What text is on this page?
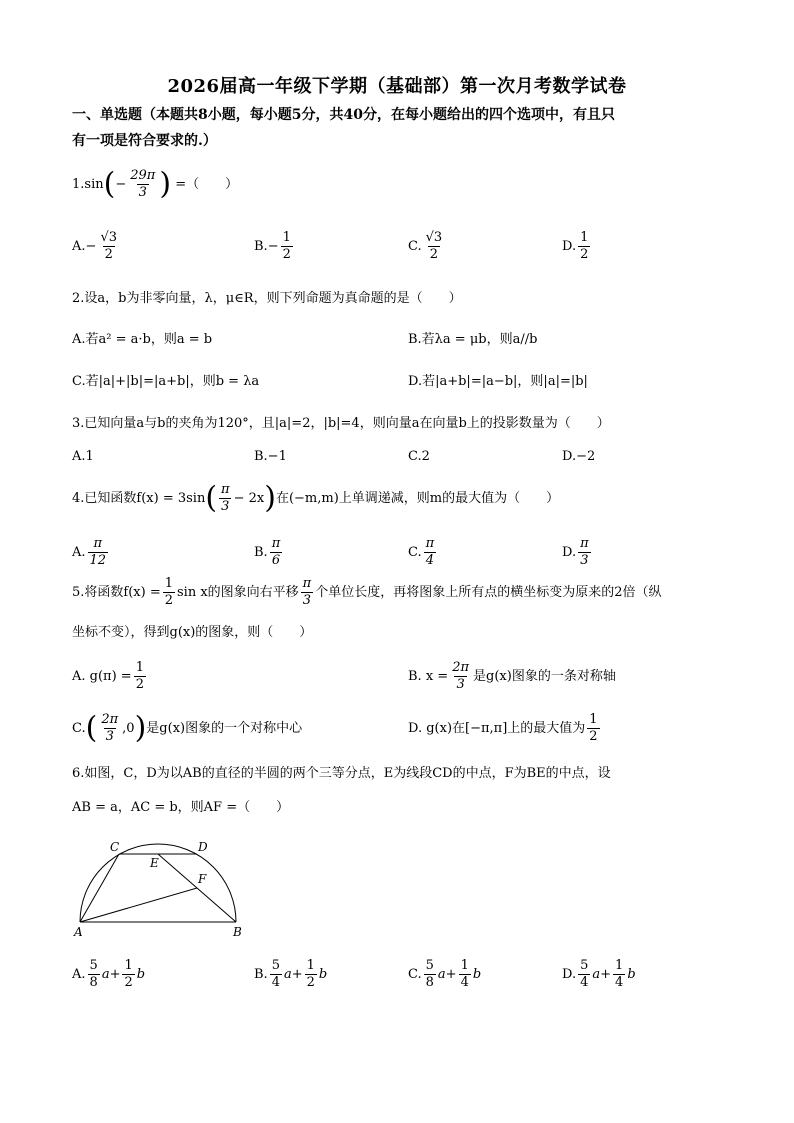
2026届高一年级下学期（基础部）第一次月考数学试卷
一、单选题（本题共8小题，每小题5分，共40分，在每小题给出的四个选项中，有且只
有一项是符合要求的.）
$1.\sin(- \frac{29\pi}{3}$ ) =（　　）
$A.- \frac{√3}{2}$	$B.- \frac{1}{2}$	C. $\frac{√3}{2}$	D. $\frac{1}{2}$
2.设a，b为非零向量，λ，μ∈R，则下列命题为真命题的是（　　）
A.若a² = a·b，则a = b	B.若λa = μb，则a//b
C.若|a|+|b|=|a+b|，则b = λa	D.若|a+b|=|a−b|，则|a|=|b|
3.已知向量a与b的夹角为120°，且|a|=2，|b|=4，则向量a在向量b上的投影数量为（　　）
A.1	B.−1	C.2	D.−2
4.已知函数$f(x) = 3\sin( \frac{\pi}{3} - 2x)$在(−m,m)上单调递减，则m的最大值为（　　）
A. $\frac{\pi}{12}$	B. $\frac{\pi}{6}$	C. $\frac{\pi}{4}$	D. $\frac{\pi}{3}$
5.将函数$f(x) = \frac{1}{2}$ sin x的图象向右平移 $\frac{\pi}{3}$ 个单位长度，再将图象上所有点的横坐标变为原来的2倍（纵
坐标不变），得到g(x)的图象，则（　　）
A. $g(\pi) = \frac{1}{2}$	B. $x = \frac{2\pi}{3}$ 是g(x)图象的一条对称轴
$C.( \frac{2\pi}{3} ,0)$是g(x)图象的一个对称中心	D. g(x)在[−π,π]上的最大值为 $\frac{1}{2}$
6.如图，C，D为以AB的直径的半圆的两个三等分点，E为线段CD的中点，F为BE的中点，设
AB = a，AC = b，则AF =（　　）
C	D
E
F
A	B
A. $\frac{5}{8} a+ \frac{1}{2}$ b	B. $\frac{5}{4} a+ \frac{1}{2}$ b	C. $\frac{5}{8} a+ \frac{1}{4}$ b	D. $\frac{5}{4} a+ \frac{1}{4}$ b
